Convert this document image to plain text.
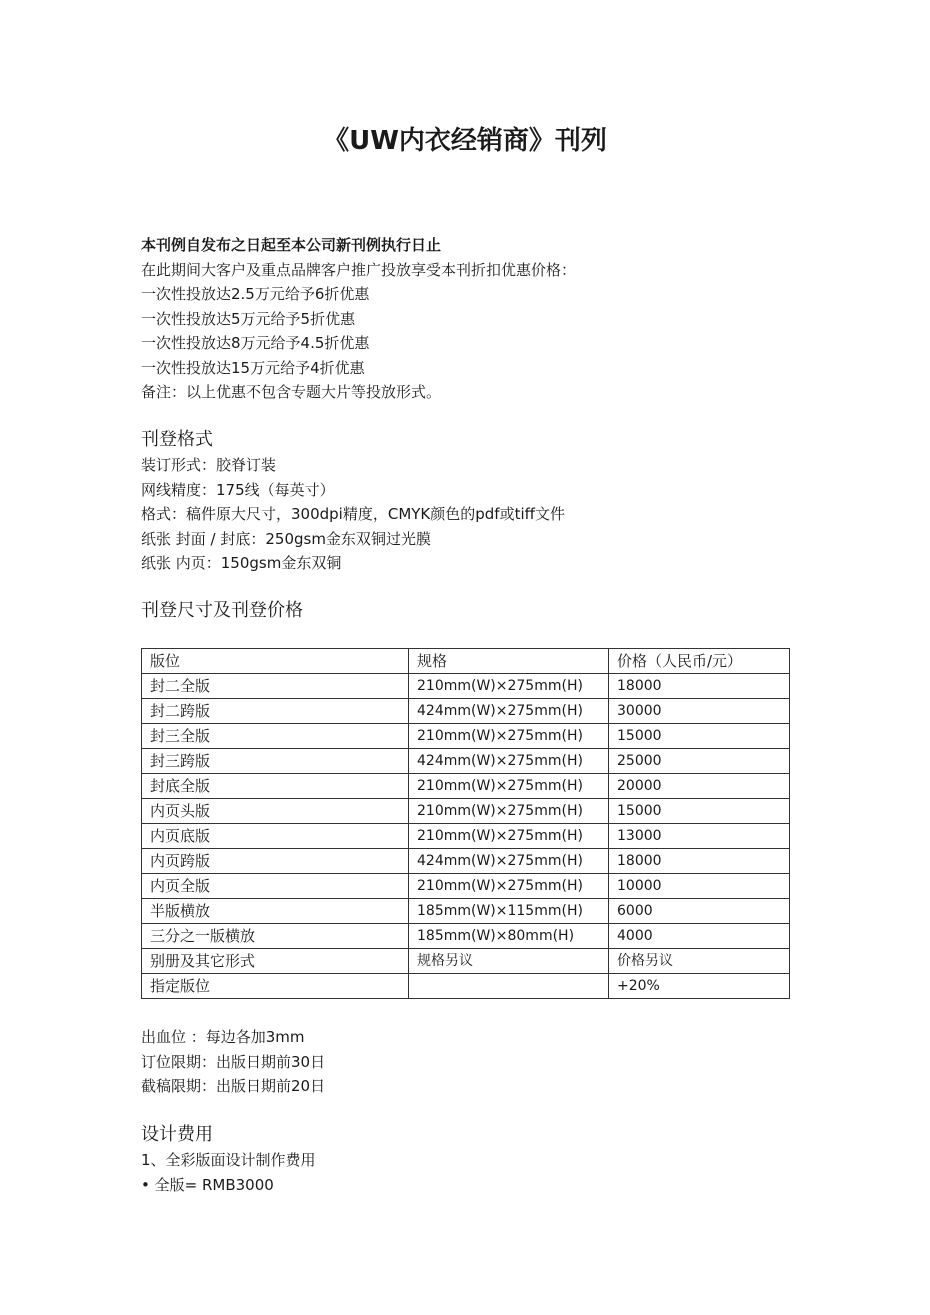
《UW内衣经销商》刊列
本刊例自发布之日起至本公司新刊例执行日止
在此期间大客户及重点品牌客户推广投放享受本刊折扣优惠价格：
一次性投放达2.5万元给予6折优惠
一次性投放达5万元给予5折优惠
一次性投放达8万元给予4.5折优惠
一次性投放达15万元给予4折优惠
备注：以上优惠不包含专题大片等投放形式。
刊登格式
装订形式：胶脊订装
网线精度：175线（每英寸）
格式：稿件原大尺寸，300dpi精度，CMYK颜色的pdf或tiff文件
纸张 封面 / 封底：250gsm金东双铜过光膜
纸张 内页：150gsm金东双铜
刊登尺寸及刊登价格
版位	规格	价格（人民币/元）
封二全版	210mm(W)×275mm(H)	18000
封二跨版	424mm(W)×275mm(H)	30000
封三全版	210mm(W)×275mm(H)	15000
封三跨版	424mm(W)×275mm(H)	25000
封底全版	210mm(W)×275mm(H)	20000
内页头版	210mm(W)×275mm(H)	15000
内页底版	210mm(W)×275mm(H)	13000
内页跨版	424mm(W)×275mm(H)	18000
内页全版	210mm(W)×275mm(H)	10000
半版横放	185mm(W)×115mm(H)	6000
三分之一版横放	185mm(W)×80mm(H)	4000
别册及其它形式	规格另议	价格另议
指定版位		+20%
出血位 ：每边各加3mm
订位限期：出版日期前30日
截稿限期：出版日期前20日
设计费用
1、全彩版面设计制作费用
• 全版= RMB3000
